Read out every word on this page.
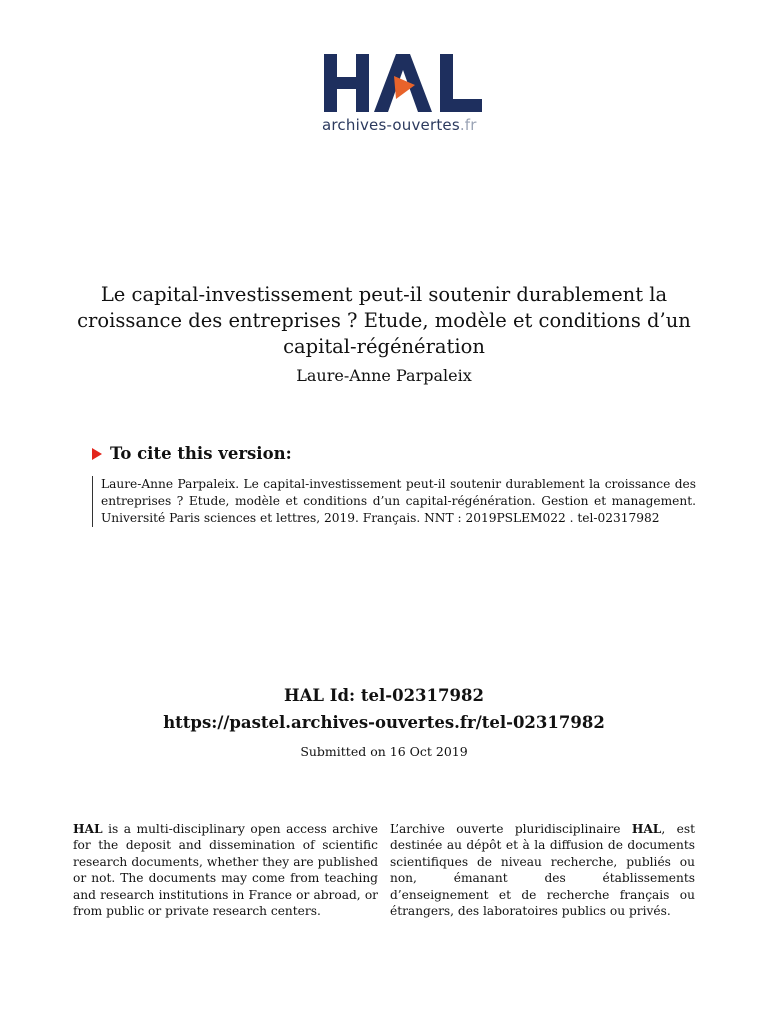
archives-ouvertes.fr
Le capital-investissement peut-il soutenir durablement la croissance des entreprises ? Etude, modèle et conditions d’un capital-régénération
Laure-Anne Parpaleix
To cite this version:
Laure-Anne Parpaleix. Le capital-investissement peut-il soutenir durablement la croissance des entreprises ? Etude, modèle et conditions d’un capital-régénération. Gestion et management. Université Paris sciences et lettres, 2019. Français. NNT : 2019PSLEM022 . tel-02317982
HAL Id: tel-02317982
https://pastel.archives-ouvertes.fr/tel-02317982
Submitted on 16 Oct 2019
HAL is a multi-disciplinary open access archive for the deposit and dissemination of scientific research documents, whether they are published or not. The documents may come from teaching and research institutions in France or abroad, or from public or private research centers.
L’archive ouverte pluridisciplinaire HAL, est destinée au dépôt et à la diffusion de documents scientifiques de niveau recherche, publiés ou non, émanant des établissements d’enseignement et de recherche français ou étrangers, des laboratoires publics ou privés.
